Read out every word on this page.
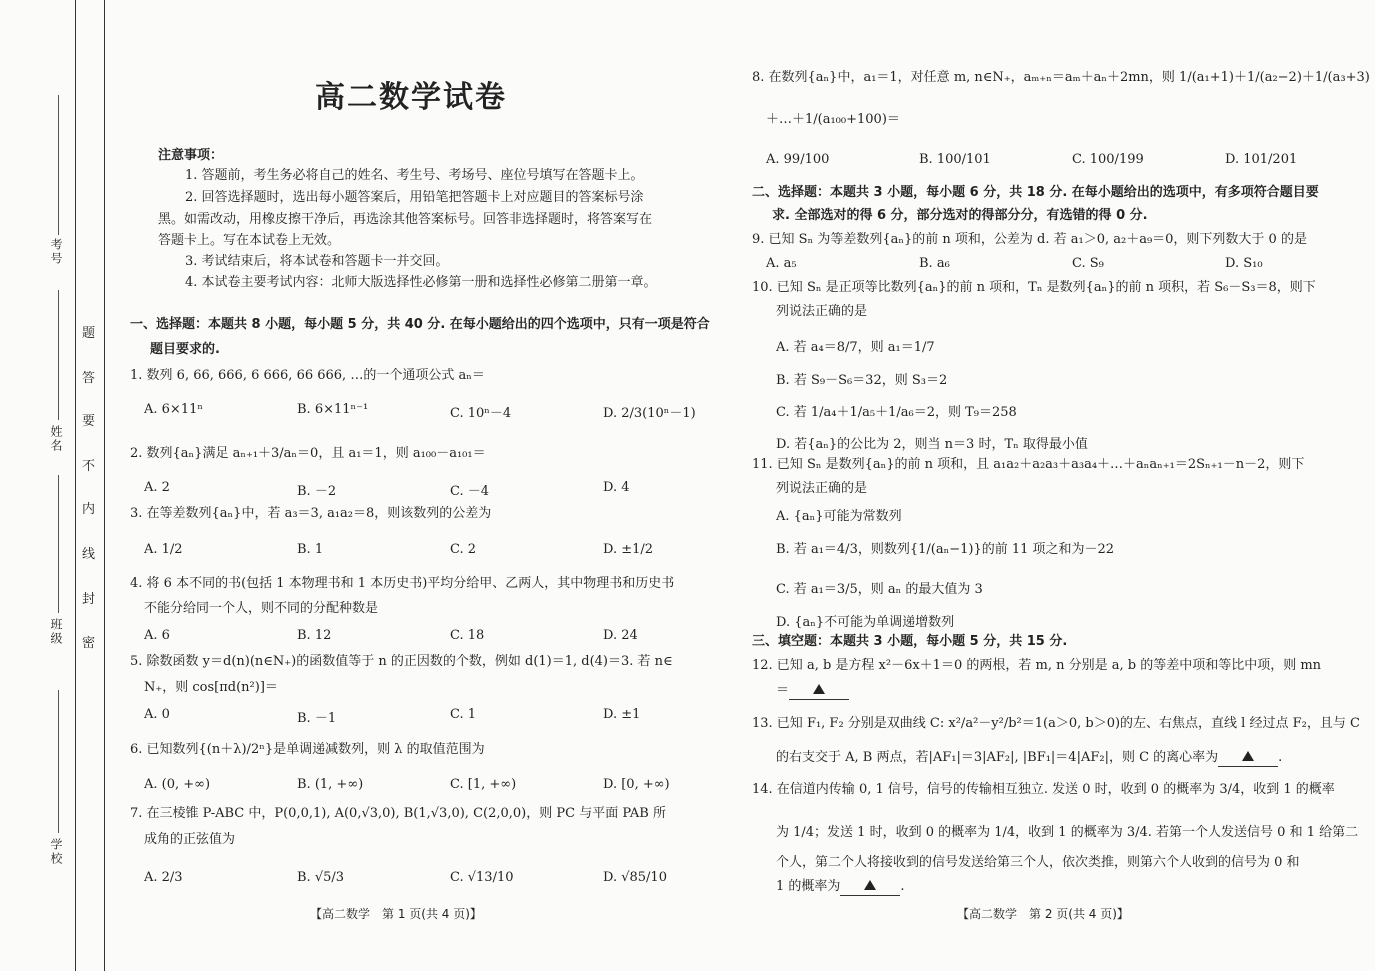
考号
姓名
班级
学校
题
答
要
不
内
线
封
密
高二数学试卷
注意事项：
1. 答题前，考生务必将自己的姓名、考生号、考场号、座位号填写在答题卡上。
2. 回答选择题时，选出每小题答案后，用铅笔把答题卡上对应题目的答案标号涂
黑。如需改动，用橡皮擦干净后，再选涂其他答案标号。回答非选择题时，将答案写在
答题卡上。写在本试卷上无效。
3. 考试结束后，将本试卷和答题卡一并交回。
4. 本试卷主要考试内容：北师大版选择性必修第一册和选择性必修第二册第一章。
一、选择题：本题共 8 小题，每小题 5 分，共 40 分. 在每小题给出的四个选项中，只有一项是符合
题目要求的.
1. 数列 6, 66, 666, 6 666, 66 666, …的一个通项公式 aₙ＝
A. 6×11ⁿ	B. 6×11ⁿ⁻¹	C. 10ⁿ－4	D. 2/3(10ⁿ－1)
2. 数列{aₙ}满足 aₙ₊₁＋3/aₙ＝0，且 a₁＝1，则 a₁₀₀－a₁₀₁＝
A. 2	B. －2	C. －4	D. 4
3. 在等差数列{aₙ}中，若 a₃＝3, a₁a₂＝8，则该数列的公差为
A. 1/2	B. 1	C. 2	D. ±1/2
4. 将 6 本不同的书(包括 1 本物理书和 1 本历史书)平均分给甲、乙两人，其中物理书和历史书
不能分给同一个人，则不同的分配种数是
A. 6	B. 12	C. 18	D. 24
5. 除数函数 y＝d(n)(n∈N₊)的函数值等于 n 的正因数的个数，例如 d(1)＝1, d(4)＝3. 若 n∈
N₊，则 cos[πd(n²)]＝
A. 0	B. －1	C. 1	D. ±1
6. 已知数列{(n＋λ)/2ⁿ}是单调递减数列，则 λ 的取值范围为
A. (0, +∞)	B. (1, +∞)	C. [1, +∞)	D. [0, +∞)
7. 在三棱锥 P-ABC 中，P(0,0,1), A(0,√3,0), B(1,√3,0), C(2,0,0)，则 PC 与平面 PAB 所
成角的正弦值为
A. 2/3	B. √5/3	C. √13/10	D. √85/10
【高二数学　第 1 页(共 4 页)】
8. 在数列{aₙ}中，a₁＝1，对任意 m, n∈N₊，aₘ₊ₙ＝aₘ＋aₙ＋2mn，则 1/(a₁+1)＋1/(a₂−2)＋1/(a₃+3)
＋…＋1/(a₁₀₀+100)＝
A. 99/100	B. 100/101	C. 100/199	D. 101/201
二、选择题：本题共 3 小题，每小题 6 分，共 18 分. 在每小题给出的选项中，有多项符合题目要
求. 全部选对的得 6 分，部分选对的得部分分，有选错的得 0 分.
9. 已知 Sₙ 为等差数列{aₙ}的前 n 项和，公差为 d. 若 a₁＞0, a₂＋a₉＝0，则下列数大于 0 的是
A. a₅	B. a₆	C. S₉	D. S₁₀
10. 已知 Sₙ 是正项等比数列{aₙ}的前 n 项和，Tₙ 是数列{aₙ}的前 n 项积，若 S₆－S₃＝8，则下
列说法正确的是
A. 若 a₄＝8/7，则 a₁＝1/7
B. 若 S₉－S₆＝32，则 S₃＝2
C. 若 1/a₄＋1/a₅＋1/a₆＝2，则 T₉＝258
D. 若{aₙ}的公比为 2，则当 n＝3 时，Tₙ 取得最小值
11. 已知 Sₙ 是数列{aₙ}的前 n 项和，且 a₁a₂＋a₂a₃＋a₃a₄＋…＋aₙaₙ₊₁＝2Sₙ₊₁－n－2，则下
列说法正确的是
A. {aₙ}可能为常数列
B. 若 a₁＝4/3，则数列{1/(aₙ−1)}的前 11 项之和为－22
C. 若 a₁＝3/5，则 aₙ 的最大值为 3
D. {aₙ}不可能为单调递增数列
三、填空题：本题共 3 小题，每小题 5 分，共 15 分.
12. 已知 a, b 是方程 x²－6x＋1＝0 的两根，若 m, n 分别是 a, b 的等差中项和等比中项，则 mn
＝
13. 已知 F₁, F₂ 分别是双曲线 C: x²/a²－y²/b²＝1(a＞0, b＞0)的左、右焦点，直线 l 经过点 F₂，且与 C
的右支交于 A, B 两点，若|AF₁|＝3|AF₂|, |BF₁|＝4|AF₂|，则 C 的离心率为	.
14. 在信道内传输 0, 1 信号，信号的传输相互独立. 发送 0 时，收到 0 的概率为 3/4，收到 1 的概率
为 1/4；发送 1 时，收到 0 的概率为 1/4，收到 1 的概率为 3/4. 若第一个人发送信号 0 和 1 给第二
个人，第二个人将接收到的信号发送给第三个人，依次类推，则第六个人收到的信号为 0 和
1 的概率为	.
【高二数学　第 2 页(共 4 页)】
